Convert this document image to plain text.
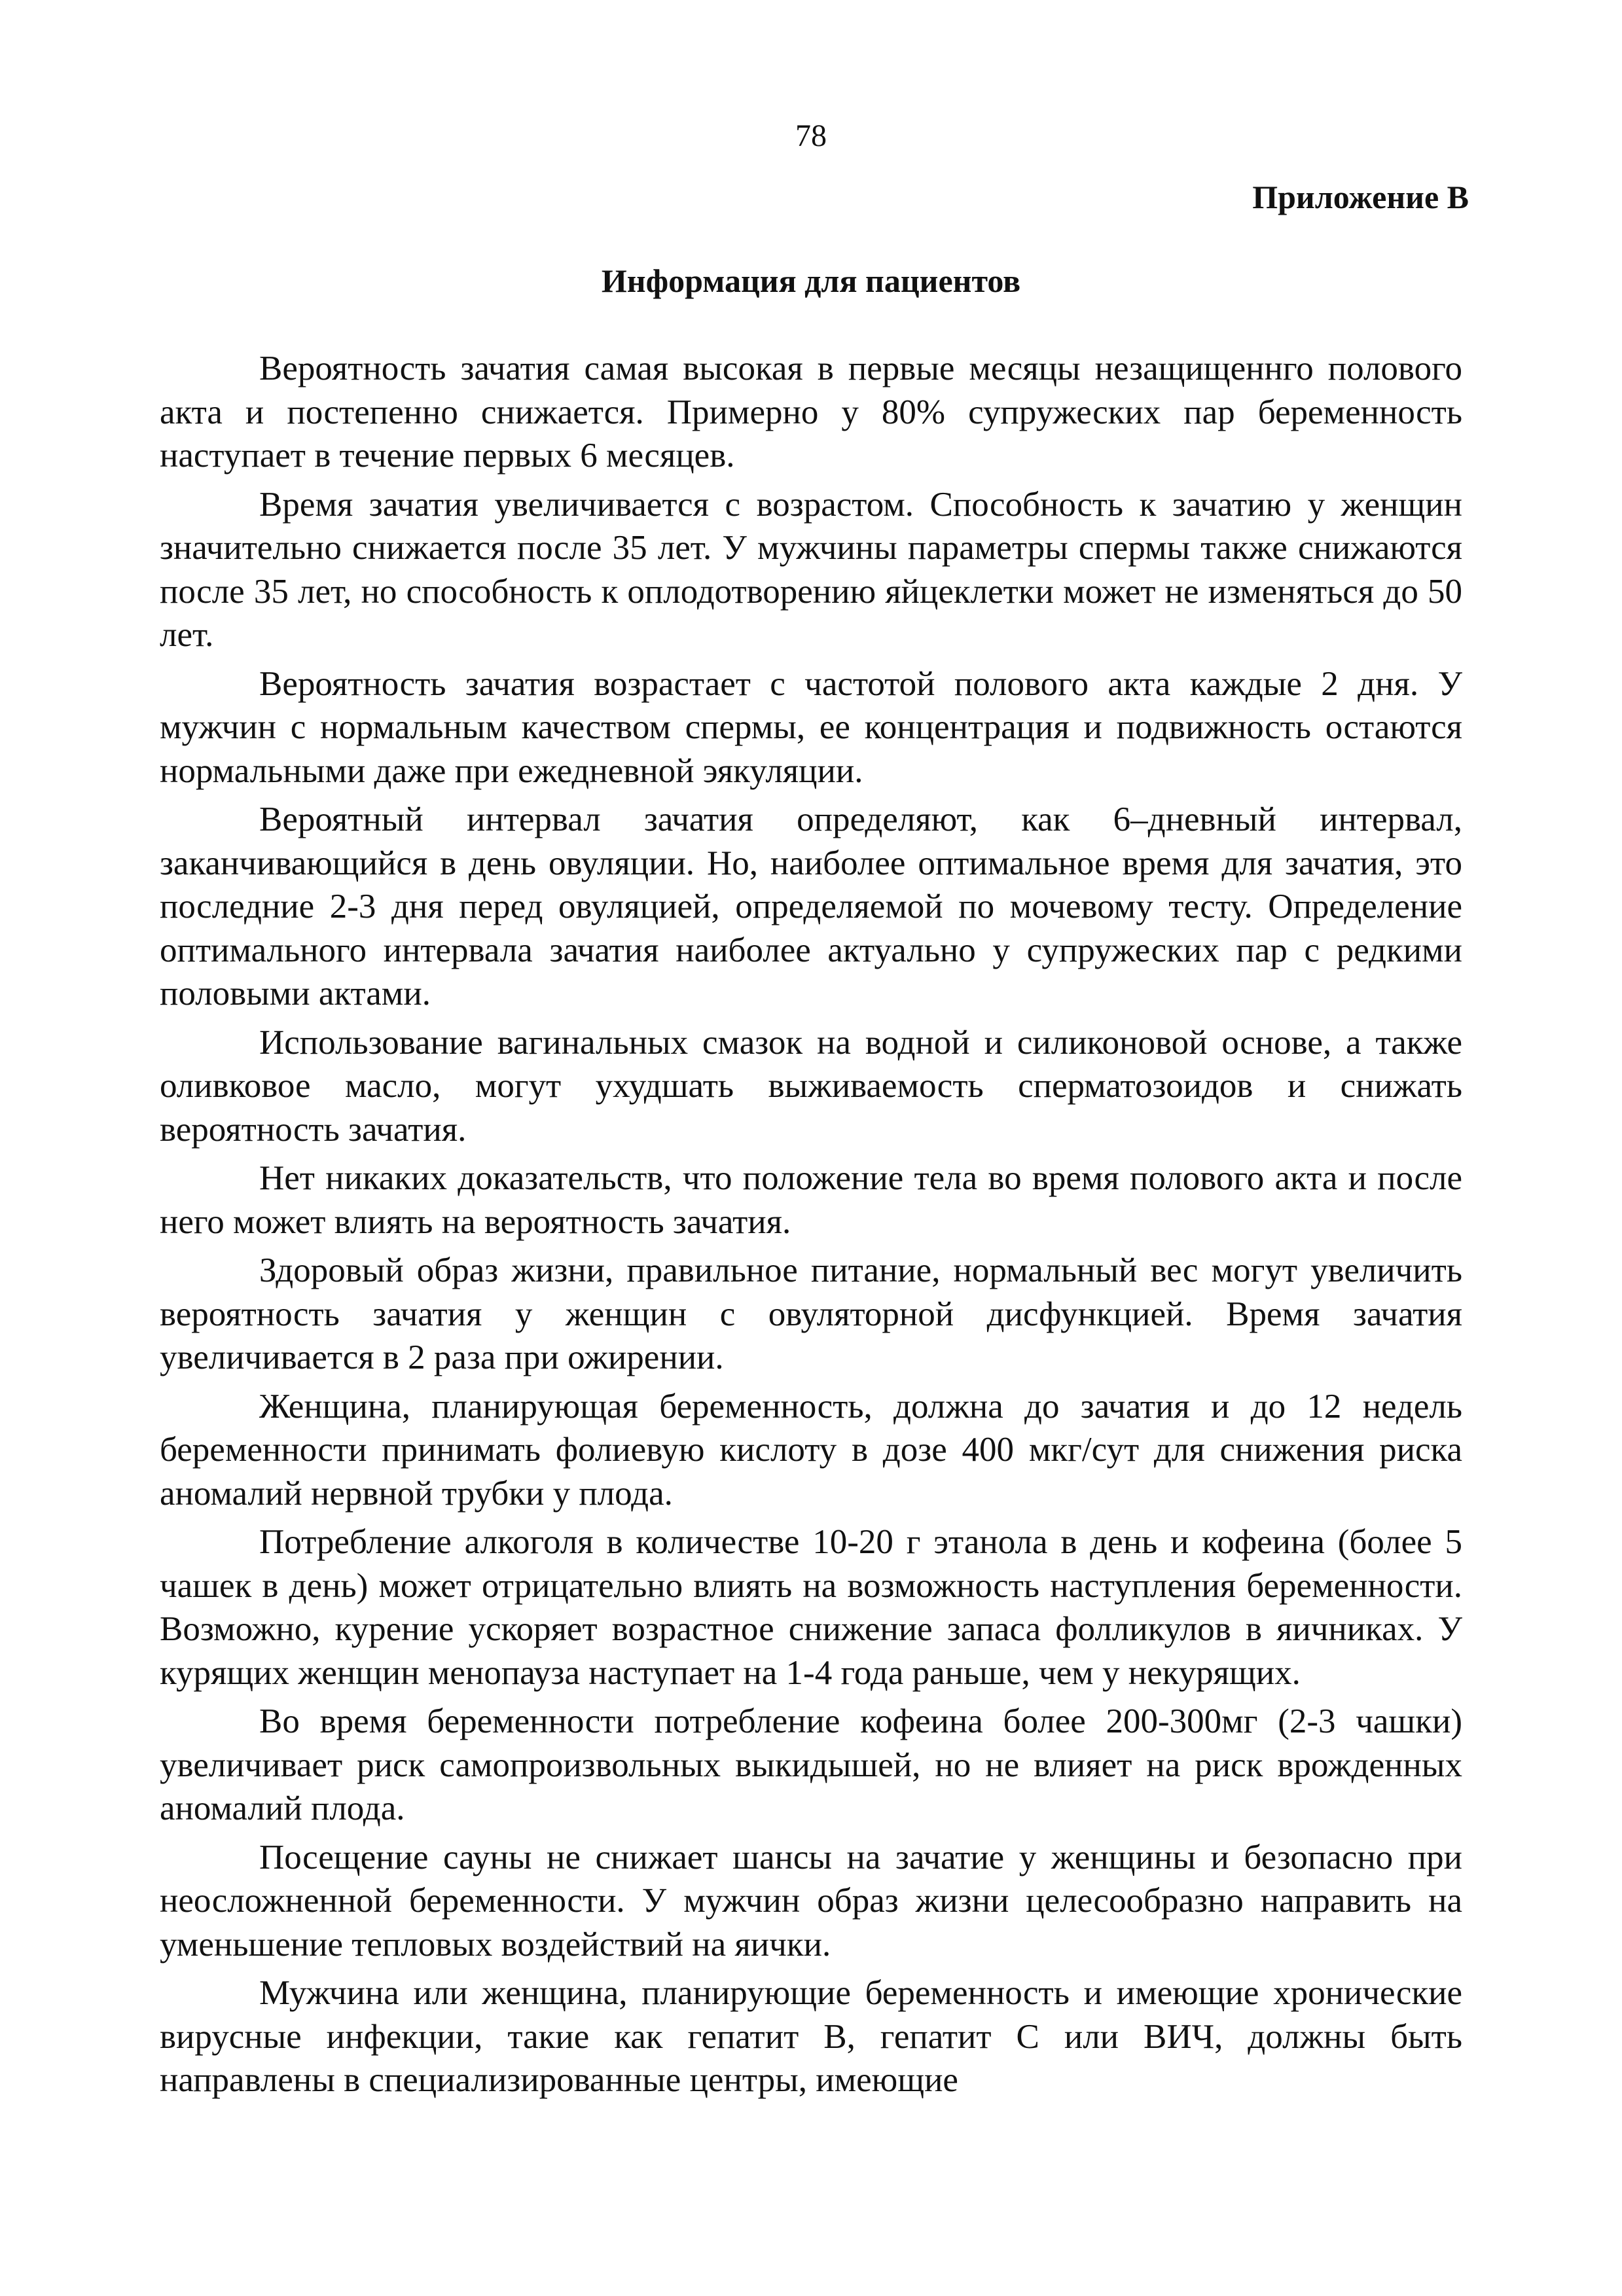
78
Приложение В
Информация для пациентов

Вероятность зачатия самая высокая в первые месяцы незащищеннго полового акта и постепенно снижается. Примерно у 80% супружеских пар беременность наступает в течение первых 6 месяцев.

Время зачатия увеличивается с возрастом. Способность к зачатию у женщин значительно снижается после 35 лет. У мужчины параметры спермы также снижаются после 35 лет, но способность к оплодотворению яйцеклетки может не изменяться до 50 лет.

Вероятность зачатия возрастает с частотой полового акта каждые 2 дня. У мужчин с нормальным качеством спермы, ее концентрация и подвижность остаются нормальными даже при ежедневной эякуляции.

Вероятный интервал зачатия определяют, как 6–дневный интервал, заканчивающийся в день овуляции. Но, наиболее оптимальное время для зачатия, это последние 2-3 дня перед овуляцией, определяемой по мочевому тесту. Определение оптимального интервала зачатия наиболее актуально у супружеских пар с редкими половыми актами.

Использование вагинальных смазок на водной и силиконовой основе, а также оливковое масло, могут ухудшать выживаемость сперматозоидов и снижать вероятность зачатия.

Нет никаких доказательств, что положение тела во время полового акта и после него может влиять на вероятность зачатия.

Здоровый образ жизни, правильное питание, нормальный вес могут увеличить вероятность зачатия у женщин с овуляторной дисфункцией. Время зачатия увеличивается в 2 раза при ожирении.

Женщина, планирующая беременность, должна до зачатия и до 12 недель беременности принимать фолиевую кислоту в дозе 400 мкг/сут для снижения риска аномалий нервной трубки у плода.

Потребление алкоголя в количестве 10-20 г этанола в день и кофеина (более 5 чашек в день) может отрицательно влиять на возможность наступления беременности. Возможно, курение ускоряет возрастное снижение запаса фолликулов в яичниках. У курящих женщин менопауза наступает на 1-4 года раньше, чем у некурящих.

Во время беременности потребление кофеина более 200-300мг (2-3 чашки) увеличивает риск самопроизвольных выкидышей, но не влияет на риск врожденных аномалий плода.

Посещение сауны не снижает шансы на зачатие у женщины и безопасно при неосложненной беременности. У мужчин образ жизни целесообразно направить на уменьшение тепловых воздействий на яички.

Мужчина или женщина, планирующие беременность и имеющие хронические вирусные инфекции, такие как гепатит В, гепатит С или ВИЧ, должны быть направлены в специализированные центры, имеющие
